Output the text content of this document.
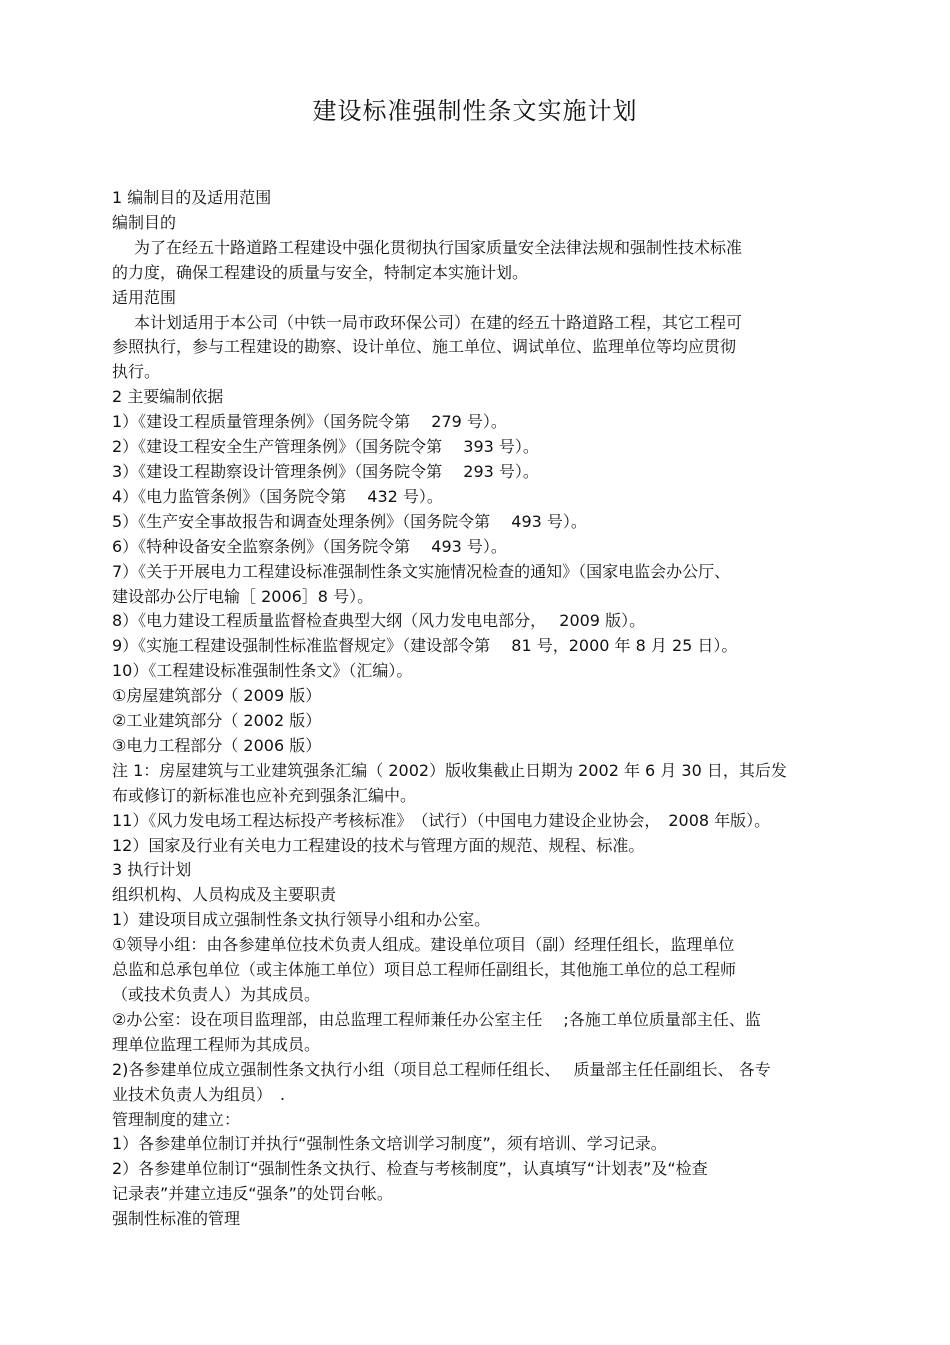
建设标准强制性条文实施计划
1 编制目的及适用范围
编制目的
为了在经五十路道路工程建设中强化贯彻执行国家质量安全法律法规和强制性技术标准
的力度，确保工程建设的质量与安全，特制定本实施计划。
适用范围
本计划适用于本公司（中铁一局市政环保公司）在建的经五十路道路工程，其它工程可
参照执行，参与工程建设的勘察、设计单位、施工单位、调试单位、监理单位等均应贯彻
执行。
2 主要编制依据
1）《建设工程质量管理条例》（国务院令第　 279 号）。
2）《建设工程安全生产管理条例》（国务院令第　 393 号）。
3）《建设工程勘察设计管理条例》（国务院令第　 293 号）。
4）《电力监管条例》（国务院令第　 432 号）。
5）《生产安全事故报告和调查处理条例》（国务院令第　 493 号）。
6）《特种设备安全监察条例》（国务院令第　 493 号）。
7）《关于开展电力工程建设标准强制性条文实施情况检查的通知》（国家电监会办公厅、
建设部办公厅电输［ 2006］8 号）。
8）《电力建设工程质量监督检查典型大纲（风力发电电部分，　 2009 版）。
9）《实施工程建设强制性标准监督规定》（建设部令第　 81 号，2000 年 8 月 25 日）。
10）《工程建设标准强制性条文》（汇编）。
①房屋建筑部分（ 2009 版）
②工业建筑部分（ 2002 版）
③电力工程部分（ 2006 版）
注 1：房屋建筑与工业建筑强条汇编（ 2002）版收集截止日期为 2002 年 6 月 30 日，其后发
布或修订的新标准也应补充到强条汇编中。
11）《风力发电场工程达标投产考核标准》　（试行）（中国电力建设企业协会，　2008 年版）。
12）国家及行业有关电力工程建设的技术与管理方面的规范、规程、标准。
3 执行计划
组织机构、人员构成及主要职责
1）建设项目成立强制性条文执行领导小组和办公室。
①领导小组：由各参建单位技术负责人组成。建设单位项目（副）经理任组长，监理单位
总监和总承包单位（或主体施工单位）项目总工程师任副组长，其他施工单位的总工程师
（或技术负责人）为其成员。
②办公室：设在项目监理部，由总监理工程师兼任办公室主任　 ;各施工单位质量部主任、监
理单位监理工程师为其成员。
2)各参建单位成立强制性条文执行小组（项目总工程师任组长、　 质量部主任任副组长、 各专
业技术负责人为组员）　.
管理制度的建立：
1）各参建单位制订并执行“强制性条文培训学习制度”，须有培训、学习记录。
2）各参建单位制订“强制性条文执行、检查与考核制度”，认真填写“计划表”及“检查
记录表”并建立违反“强条”的处罚台帐。
强制性标准的管理
